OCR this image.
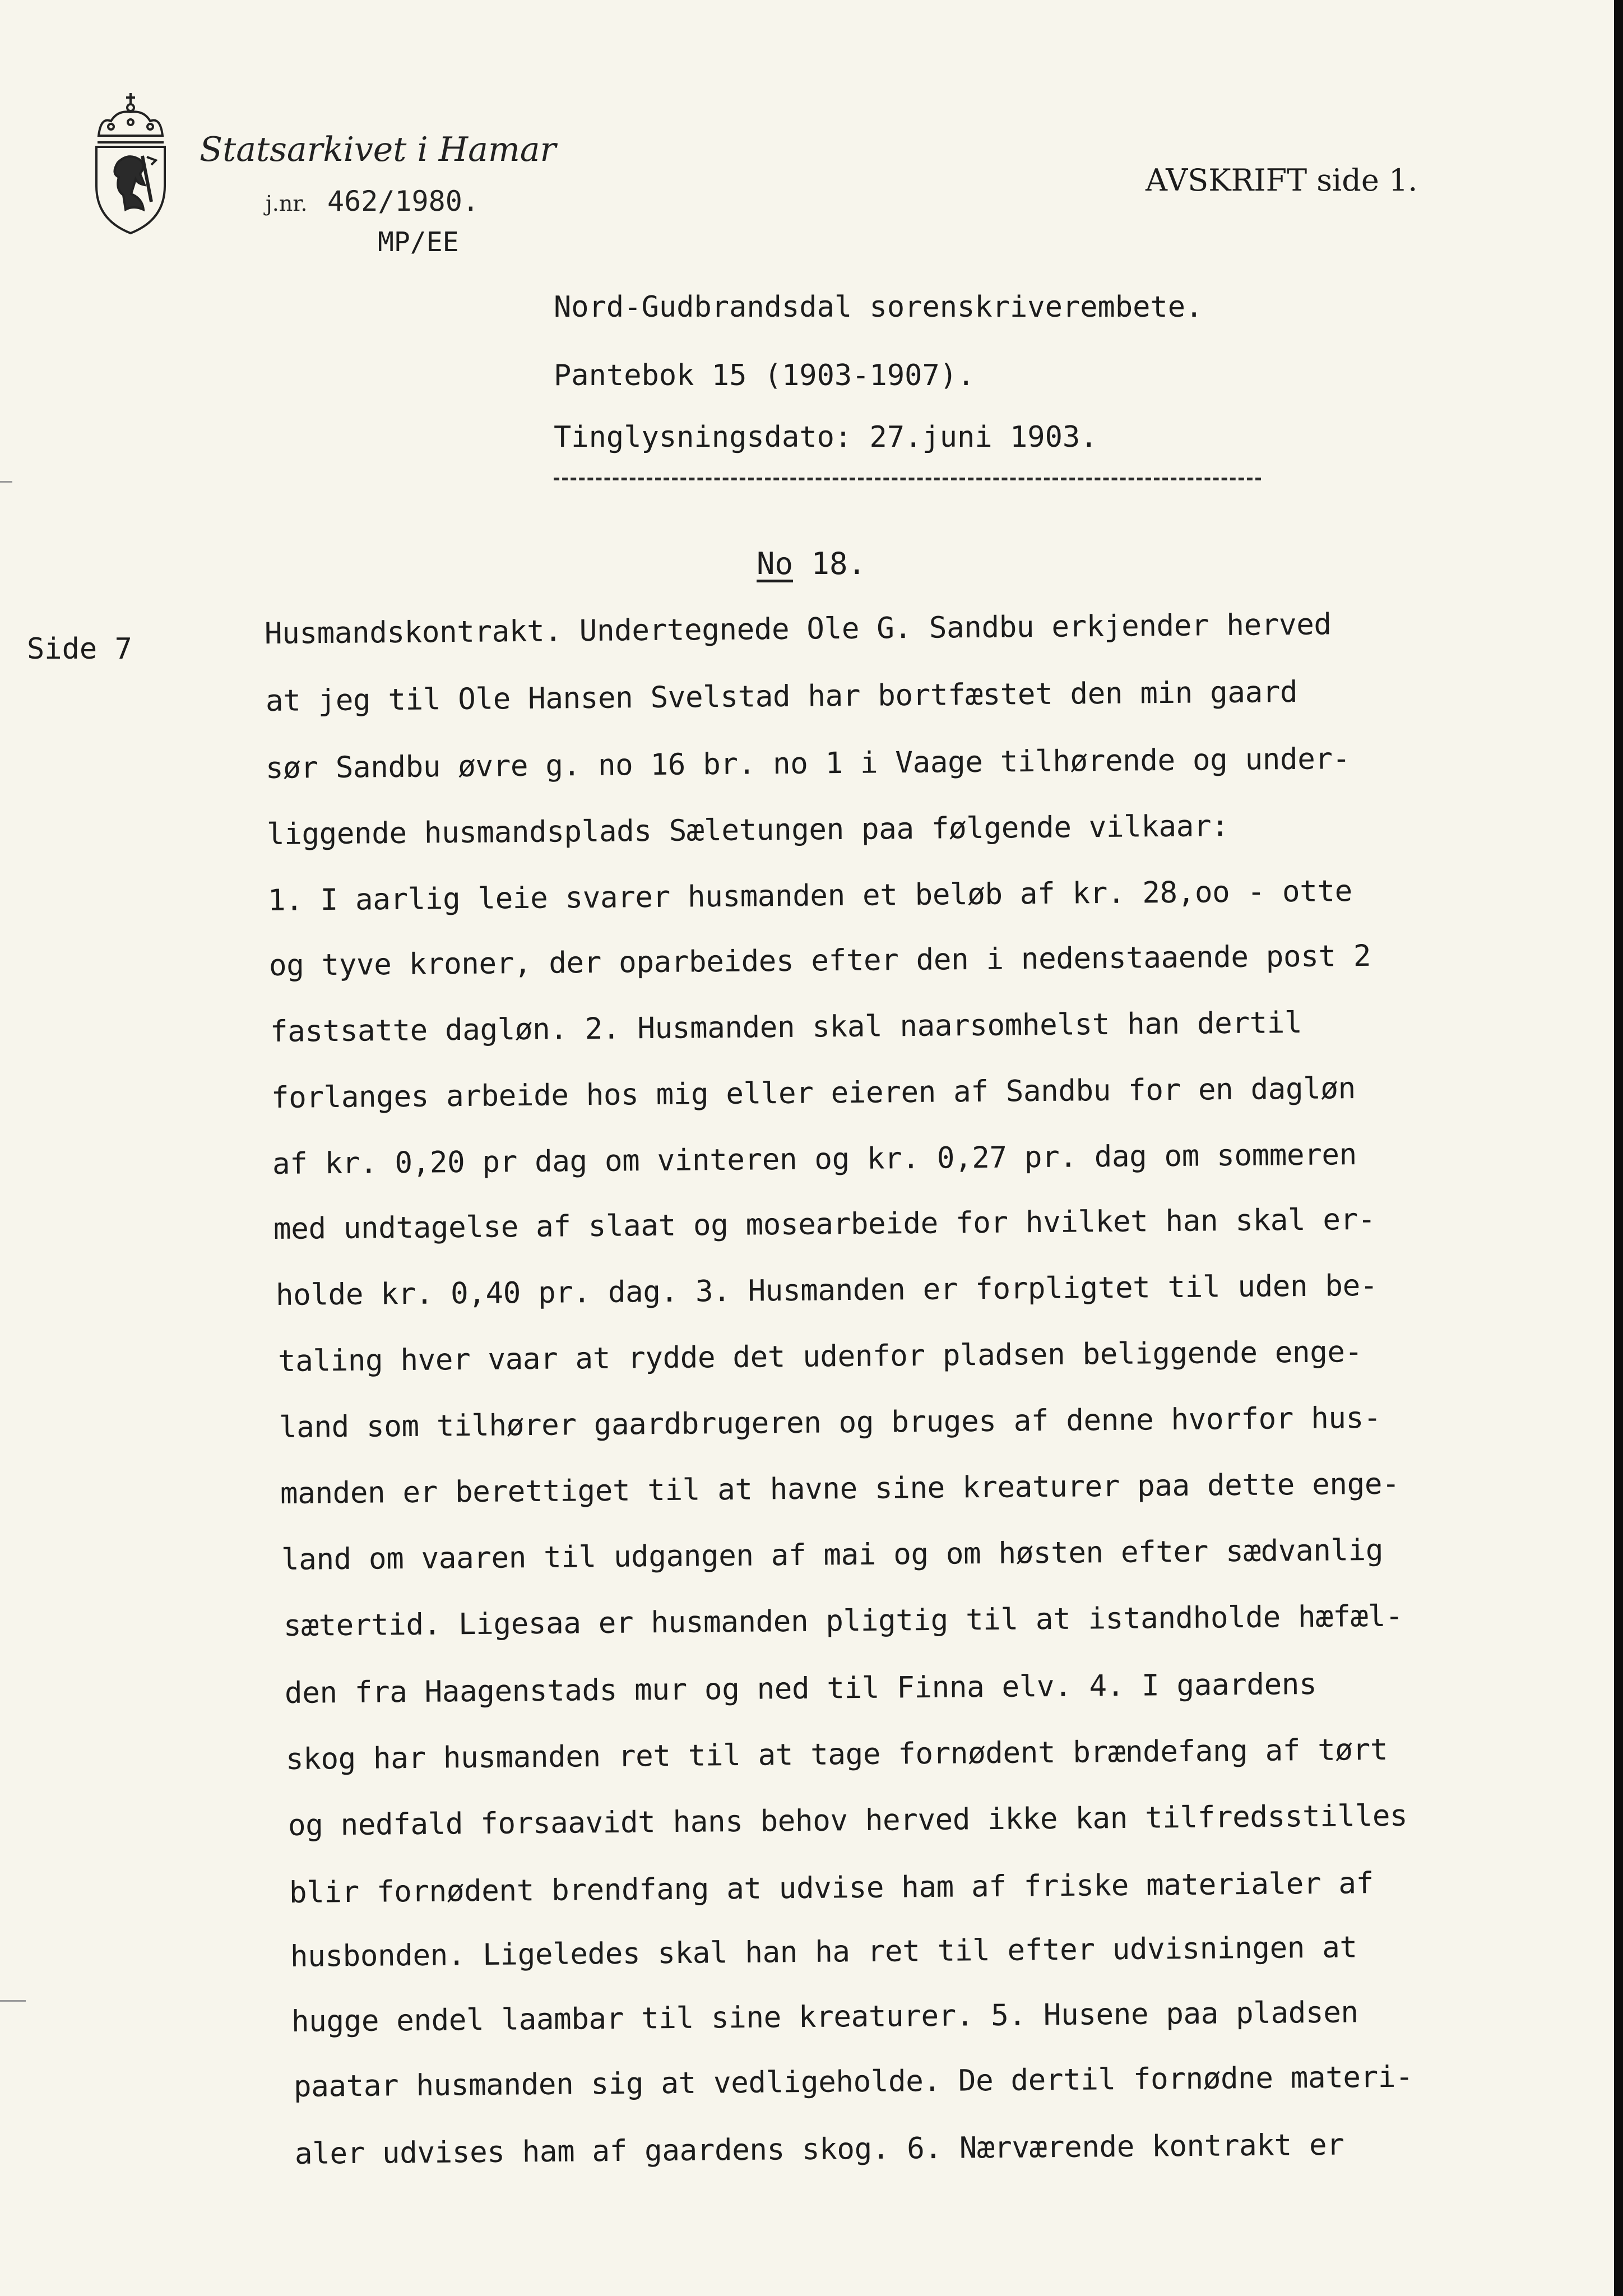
Statsarkivet i Hamar
j.nr. 462/1980.
MP/EE
AVSKRIFT side 1.
Nord-Gudbrandsdal sorenskriverembete.
Pantebok 15 (1903-1907).
Tinglysningsdato: 27.juni 1903.
No 18.
Side 7	Husmandskontrakt. Undertegnede Ole G. Sandbu erkjender herved
at jeg til Ole Hansen Svelstad har bortfæstet den min gaard
sør Sandbu øvre g. no 16 br. no 1 i Vaage tilhørende og under-
liggende husmandsplads Sæletungen paa følgende vilkaar:
1. I aarlig leie svarer husmanden et beløb af kr. 28,oo - otte
og tyve kroner, der oparbeides efter den i nedenstaaende post 2
fastsatte dagløn. 2. Husmanden skal naarsomhelst han dertil
forlanges arbeide hos mig eller eieren af Sandbu for en dagløn
af kr. 0,20 pr dag om vinteren og kr. 0,27 pr. dag om sommeren
med undtagelse af slaat og mosearbeide for hvilket han skal er-
holde kr. 0,40 pr. dag. 3. Husmanden er forpligtet til uden be-
taling hver vaar at rydde det udenfor pladsen beliggende enge-
land som tilhører gaardbrugeren og bruges af denne hvorfor hus-
manden er berettiget til at havne sine kreaturer paa dette enge-
land om vaaren til udgangen af mai og om høsten efter sædvanlig
sætertid. Ligesaa er husmanden pligtig til at istandholde hæfæl-
den fra Haagenstads mur og ned til Finna elv. 4. I gaardens
skog har husmanden ret til at tage fornødent brændefang af tørt
og nedfald forsaavidt hans behov herved ikke kan tilfredsstilles
blir fornødent brendfang at udvise ham af friske materialer af
husbonden. Ligeledes skal han ha ret til efter udvisningen at
hugge endel laambar til sine kreaturer. 5. Husene paa pladsen
paatar husmanden sig at vedligeholde. De dertil fornødne materi-
aler udvises ham af gaardens skog. 6. Nærværende kontrakt er
